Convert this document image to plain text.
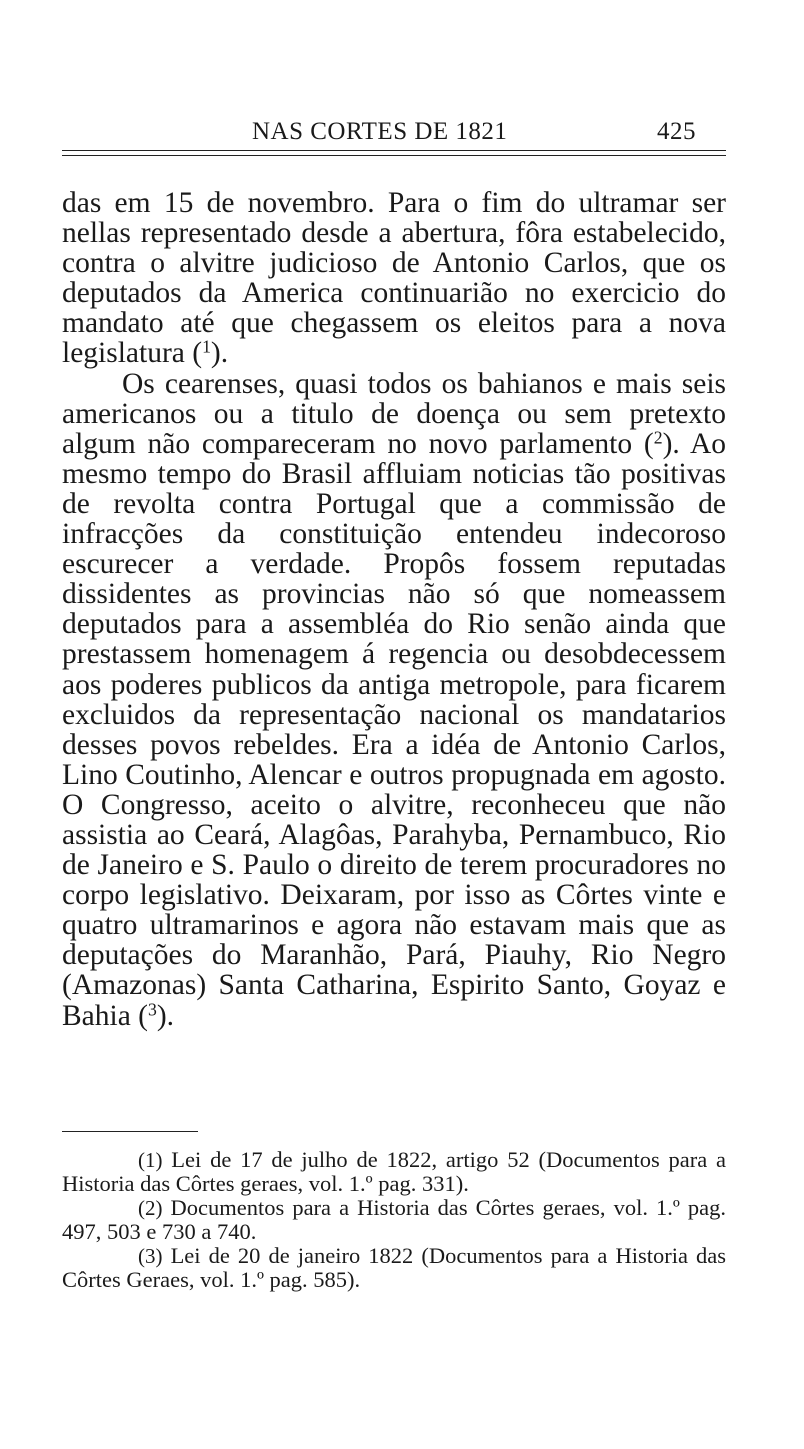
NAS CORTES DE 1821	425

das em 15 de novembro. Para o fim do ultramar ser nellas representado desde a abertura, fôra estabelecido, contra o alvitre judicioso de Antonio Carlos, que os deputados da America continuarião no exercicio do mandato até que chegassem os eleitos para a nova legislatura ($^1$).

Os cearenses, quasi todos os bahianos e mais seis americanos ou a titulo de doença ou sem pretexto algum não compareceram no novo parlamento ($^2$). Ao mesmo tempo do Brasil affluiam noticias tão positivas de revolta contra Portugal que a commissão de infracções da constituição entendeu indecoroso escurecer a verdade. Propôs fossem reputadas dissidentes as provincias não só que nomeassem deputados para a assembléa do Rio senão ainda que prestassem homenagem á regencia ou desobdecessem aos poderes publicos da antiga metropole, para ficarem excluidos da representação nacional os mandatarios desses povos rebeldes. Era a idéa de Antonio Carlos, Lino Coutinho, Alencar e outros propugnada em agosto. O Congresso, aceito o alvitre, reconheceu que não assistia ao Ceará, Alagôas, Parahyba, Pernambuco, Rio de Janeiro e S. Paulo o direito de terem procuradores no corpo legislativo. Deixaram, por isso as Côrtes vinte e quatro ultramarinos e agora não estavam mais que as deputações do Maranhão, Pará, Piauhy, Rio Negro (Amazonas) Santa Catharina, Espirito Santo, Goyaz e Bahia ($^3$).

(1) Lei de 17 de julho de 1822, artigo 52 (Documentos para a Historia das Côrtes geraes, vol. 1.º pag. 331).

(2) Documentos para a Historia das Côrtes geraes, vol. 1.º pag. 497, 503 e 730 a 740.

(3) Lei de 20 de janeiro 1822 (Documentos para a Historia das Côrtes Geraes, vol. 1.º pag. 585).
